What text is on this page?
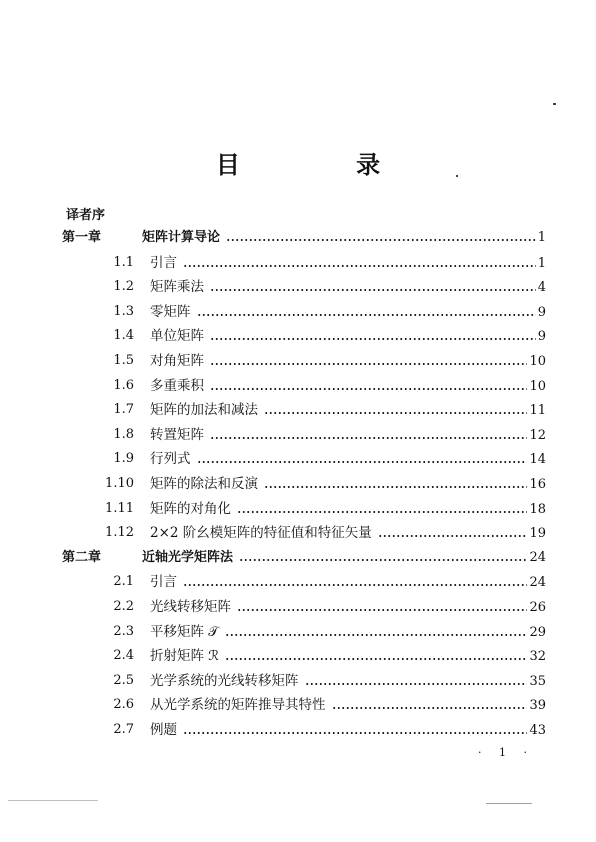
目 录
译者序
第一章	矩阵计算导论	1
1.1 引言	1
1.2 矩阵乘法	4
1.3 零矩阵	9
1.4 单位矩阵	9
1.5 对角矩阵	10
1.6 多重乘积	10
1.7 矩阵的加法和减法	11
1.8 转置矩阵	12
1.9 行列式	14
1.10 矩阵的除法和反演	16
1.11 矩阵的对角化	18
1.12 2×2 阶幺模矩阵的特征值和特征矢量	19
第二章	近轴光学矩阵法	24
2.1 引言	24
2.2 光线转移矩阵	26
2.3 平移矩阵 𝒯	29
2.4 折射矩阵 ℛ	32
2.5 光学系统的光线转移矩阵	35
2.6 从光学系统的矩阵推导其特性	39
2.7 例题	43
· 1 ·
